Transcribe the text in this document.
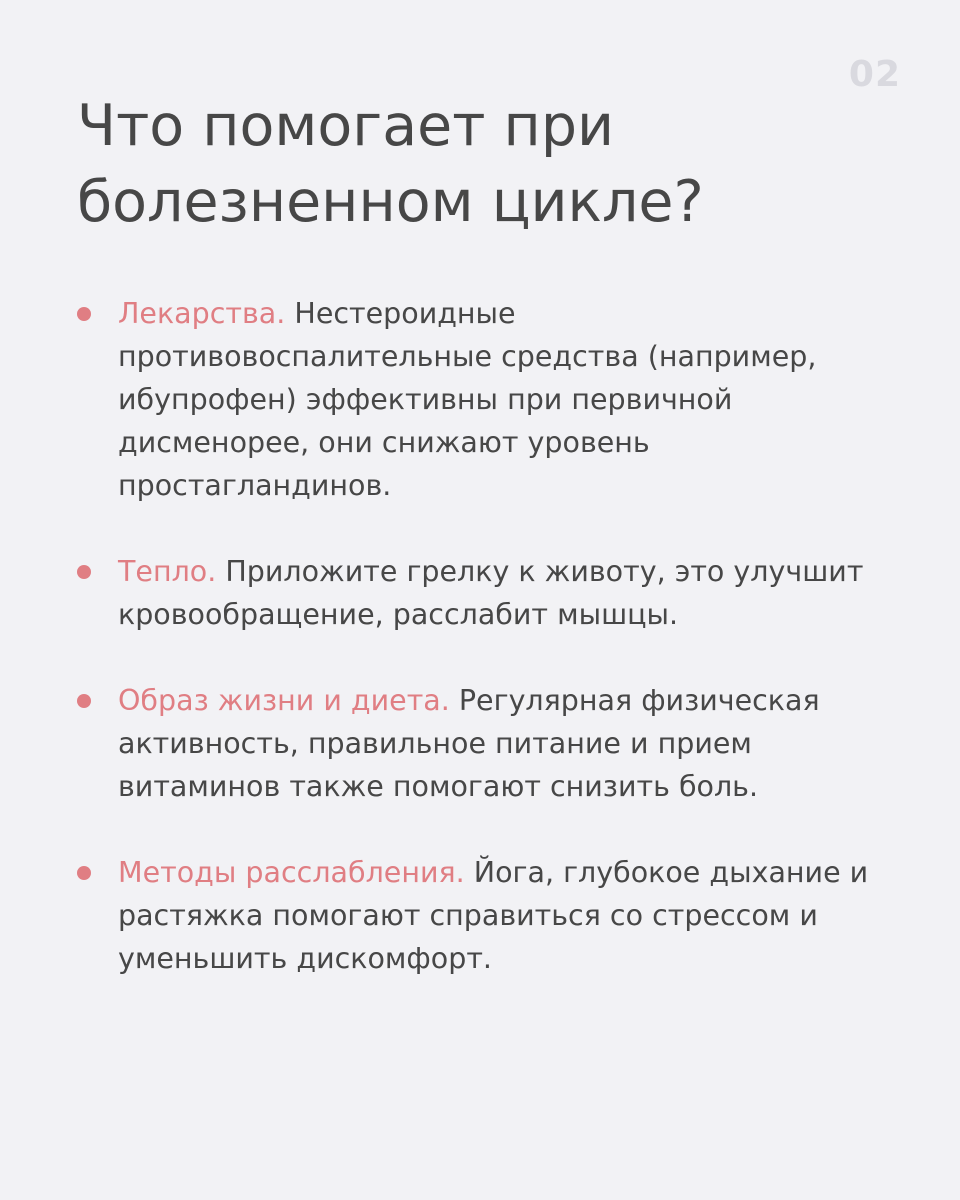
02
Что помогает при болезненном цикле?
Лекарства. Нестероидные противовоспалительные средства (например, ибупрофен) эффективны при первичной дисменорее, они снижают уровень простагландинов.
Тепло. Приложите грелку к животу, это улучшит кровообращение, расслабит мышцы.
Образ жизни и диета. Регулярная физическая активность, правильное питание и прием витаминов также помогают снизить боль.
Методы расслабления. Йога, глубокое дыхание и растяжка помогают справиться со стрессом и уменьшить дискомфорт.
